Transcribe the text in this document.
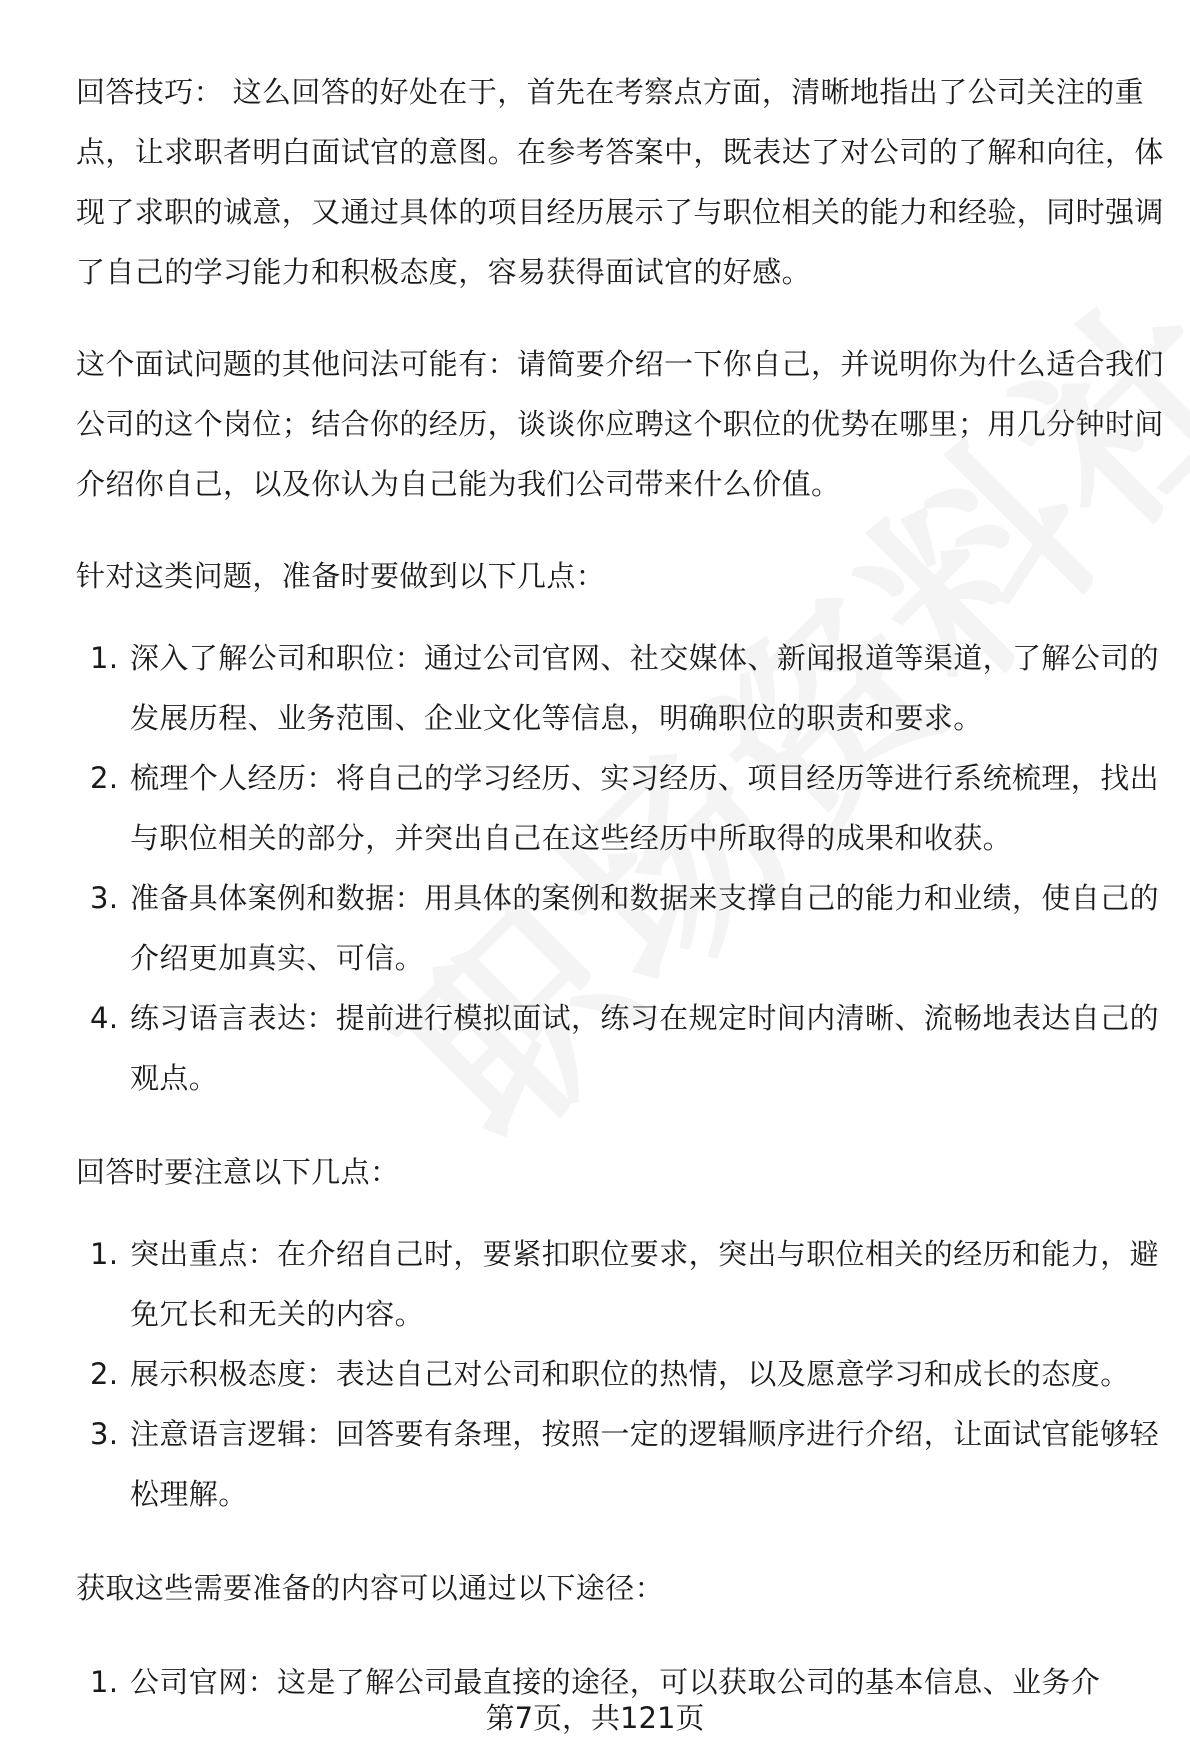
回答技巧： 这么回答的好处在于，首先在考察点方面，清晰地指出了公司关注的重点，让求职者明白面试官的意图。在参考答案中，既表达了对公司的了解和向往，体现了求职的诚意，又通过具体的项目经历展示了与职位相关的能力和经验，同时强调了自己的学习能力和积极态度，容易获得面试官的好感。

这个面试问题的其他问法可能有：请简要介绍一下你自己，并说明你为什么适合我们公司的这个岗位；结合你的经历，谈谈你应聘这个职位的优势在哪里；用几分钟时间介绍你自己，以及你认为自己能为我们公司带来什么价值。

针对这类问题，准备时要做到以下几点：

1. 深入了解公司和职位：通过公司官网、社交媒体、新闻报道等渠道，了解公司的发展历程、业务范围、企业文化等信息，明确职位的职责和要求。
2. 梳理个人经历：将自己的学习经历、实习经历、项目经历等进行系统梳理，找出与职位相关的部分，并突出自己在这些经历中所取得的成果和收获。
3. 准备具体案例和数据：用具体的案例和数据来支撑自己的能力和业绩，使自己的介绍更加真实、可信。
4. 练习语言表达：提前进行模拟面试，练习在规定时间内清晰、流畅地表达自己的观点。

回答时要注意以下几点：

1. 突出重点：在介绍自己时，要紧扣职位要求，突出与职位相关的经历和能力，避免冗长和无关的内容。
2. 展示积极态度：表达自己对公司和职位的热情，以及愿意学习和成长的态度。
3. 注意语言逻辑：回答要有条理，按照一定的逻辑顺序进行介绍，让面试官能够轻松理解。

获取这些需要准备的内容可以通过以下途径：

1. 公司官网：这是了解公司最直接的途径，可以获取公司的基本信息、业务介
第7页，共121页
